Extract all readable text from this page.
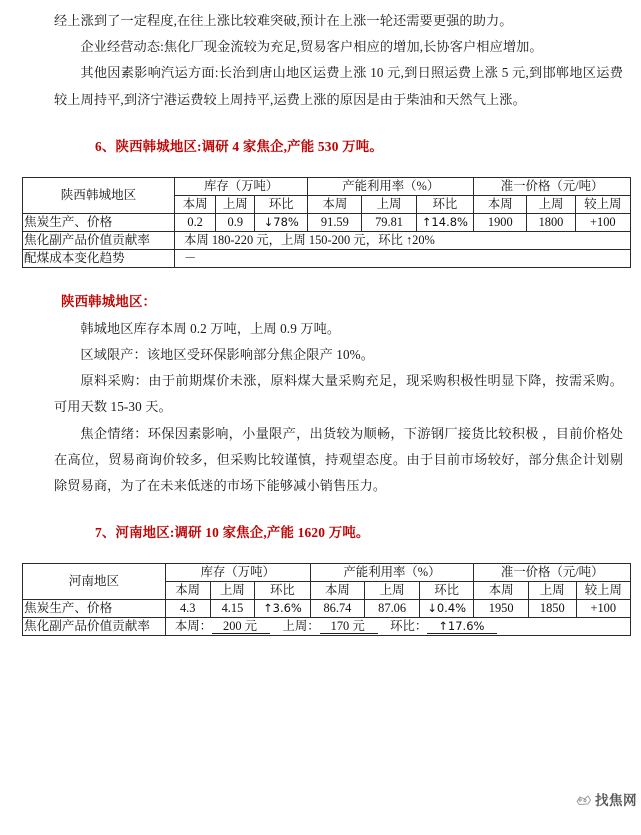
经上涨到了一定程度,在往上涨比较难突破,预计在上涨一轮还需要更强的助力。

企业经营动态:焦化厂现金流较为充足,贸易客户相应的增加,长协客户相应增加。

其他因素影响汽运方面:长治到唐山地区运费上涨 10 元,到日照运费上涨 5 元,到邯郸地区运费较上周持平,到济宁港运费较上周持平,运费上涨的原因是由于柴油和天然气上涨。

6、陕西韩城地区:调研 4 家焦企,产能 530 万吨。
陕西韩城地区	库存（万吨）			产能利用率（%）			准一价格（元/吨）		
	本周	上周	环比	本周	上周	环比	本周	上周	较上周
焦炭生产、价格	0.2	0.9	↓78%	91.59	79.81	↑14.8%	1900	1800	+100
焦化副产品价值贡献率	本周 180-220 元，上周 150-200 元，环比 ↑20%								
配煤成本变化趋势	－								
陕西韩城地区：

韩城地区库存本周 0.2 万吨，上周 0.9 万吨。

区域限产：该地区受环保影响部分焦企限产 10%。

原料采购：由于前期煤价未涨，原料煤大量采购充足，现采购积极性明显下降，按需采购。可用天数 15-30 天。

焦企情绪：环保因素影响，小量限产，出货较为顺畅，下游钢厂接货比较积极 ，目前价格处在高位，贸易商询价较多，但采购比较谨慎，持观望态度。由于目前市场较好，部分焦企计划剔除贸易商，为了在未来低迷的市场下能够减小销售压力。

7、河南地区:调研 10 家焦企,产能 1620 万吨。
河南地区	库存（万吨）			产能利用率（%）			准一价格（元/吨）		
	本周	上周	环比	本周	上周	环比	本周	上周	较上周
焦炭生产、价格	4.3	4.15	↑3.6%	86.74	87.06	↓0.4%	1950	1850	+100
焦化副产品价值贡献率	本周： 200 元 上周： 170 元 环比： ↑17.6%								
找焦网
